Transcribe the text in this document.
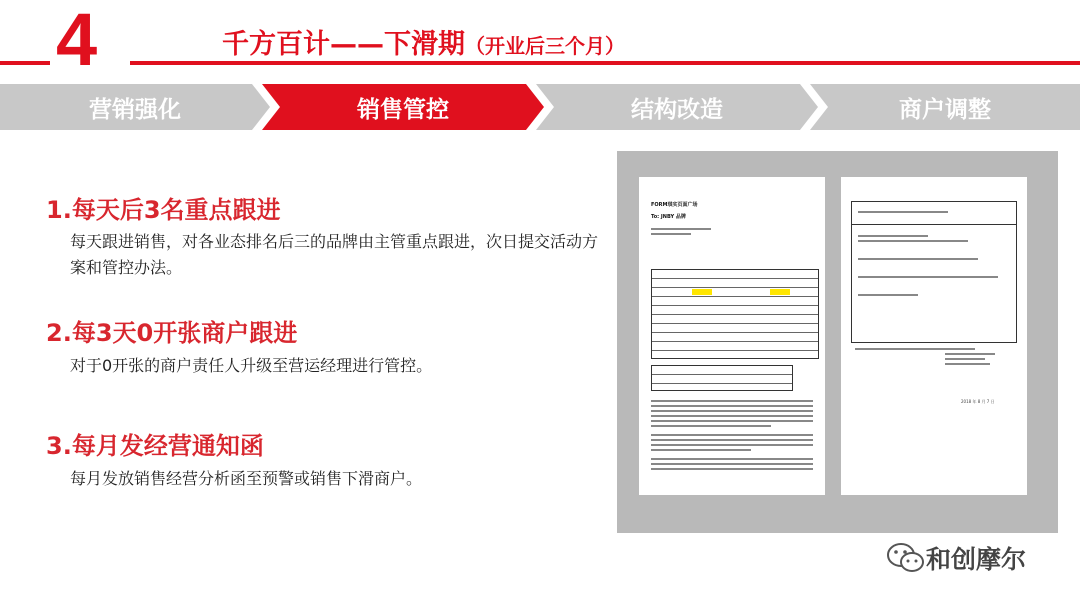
4	千方百计——下滑期（开业后三个月）
营销强化	销售管控	结构改造	商户调整
1.每天后3名重点跟进
每天跟进销售，对各业态排名后三的品牌由主管重点跟进，次日提交活动方案和管控办法。
2.每3天0开张商户跟进
对于0开张的商户责任人升级至营运经理进行管控。
3.每月发经营通知函
每月发放销售经营分析函至预警或销售下滑商户。
FORM琪实页面广场
To: JNBY 品牌
2018 年 8 月 7 日
和创摩尔
